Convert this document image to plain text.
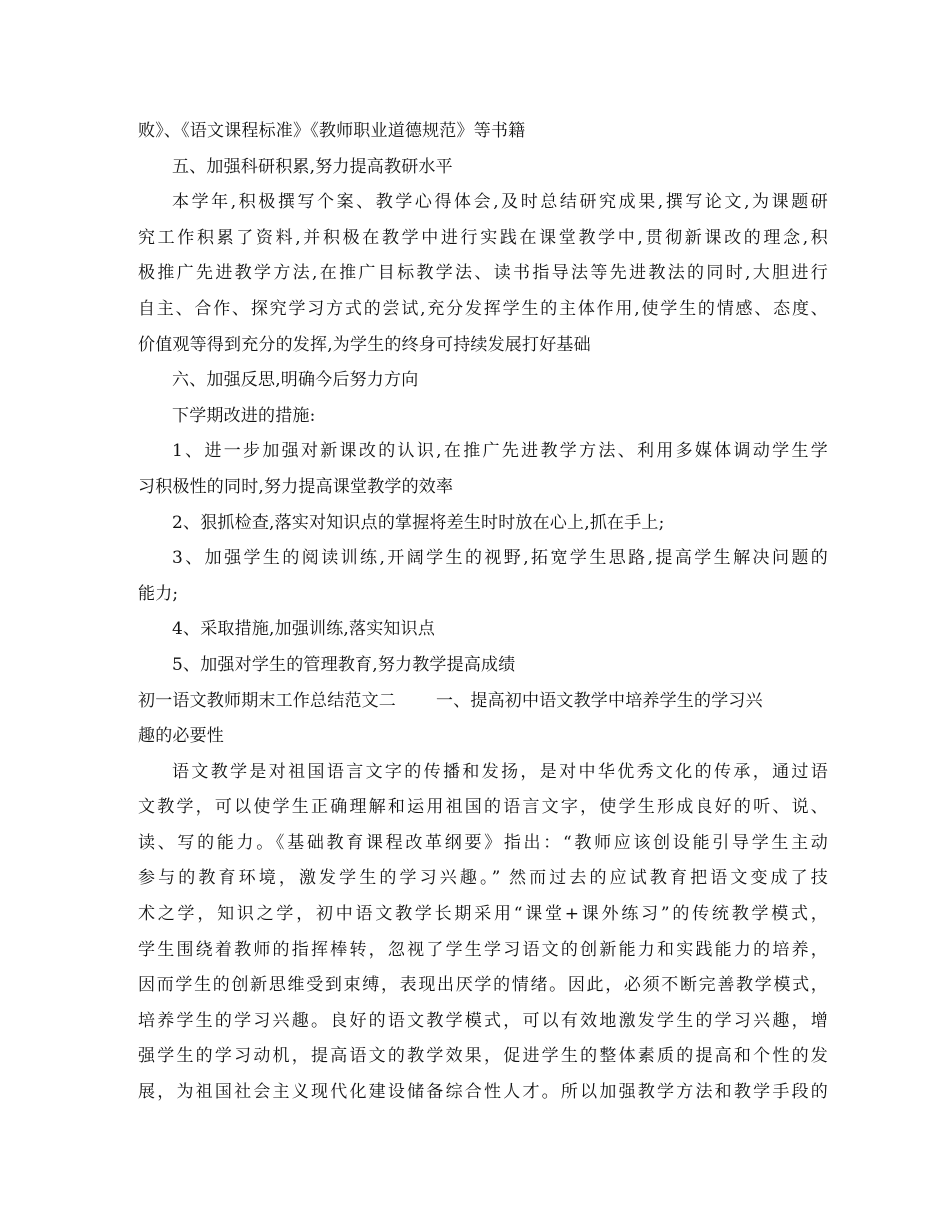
败》、《语文课程标准》《教师职业道德规范》等书籍
五、加强科研积累,努力提高教研水平
本学年,积极撰写个案、教学心得体会,及时总结研究成果,撰写论文,为课题研
究工作积累了资料,并积极在教学中进行实践在课堂教学中,贯彻新课改的理念,积
极推广先进教学方法,在推广目标教学法、读书指导法等先进教法的同时,大胆进行
自主、合作、探究学习方式的尝试,充分发挥学生的主体作用,使学生的情感、态度、
价值观等得到充分的发挥,为学生的终身可持续发展打好基础
六、加强反思,明确今后努力方向
下学期改进的措施:
1、进一步加强对新课改的认识,在推广先进教学方法、利用多媒体调动学生学
习积极性的同时,努力提高课堂教学的效率
2、狠抓检查,落实对知识点的掌握将差生时时放在心上,抓在手上;
3、加强学生的阅读训练,开阔学生的视野,拓宽学生思路,提高学生解决问题的
能力;
4、采取措施,加强训练,落实知识点
5、加强对学生的管理教育,努力教学提高成绩
初一语文教师期末工作总结范文二 一、提高初中语文教学中培养学生的学习兴
趣的必要性
语文教学是对祖国语言文字的传播和发扬，是对中华优秀文化的传承，通过语
文教学，可以使学生正确理解和运用祖国的语言文字，使学生形成良好的听、说、
读、写的能力。《基础教育课程改革纲要》指出：“教师应该创设能引导学生主动
参与的教育环境，激发学生的学习兴趣。” 然而过去的应试教育把语文变成了技
术之学，知识之学，初中语文教学长期采用“课堂+课外练习”的传统教学模式，
学生围绕着教师的指挥棒转，忽视了学生学习语文的创新能力和实践能力的培养，
因而学生的创新思维受到束缚，表现出厌学的情绪。因此，必须不断完善教学模式，
培养学生的学习兴趣。良好的语文教学模式，可以有效地激发学生的学习兴趣，增
强学生的学习动机，提高语文的教学效果，促进学生的整体素质的提高和个性的发
展，为祖国社会主义现代化建设储备综合性人才。所以加强教学方法和教学手段的
